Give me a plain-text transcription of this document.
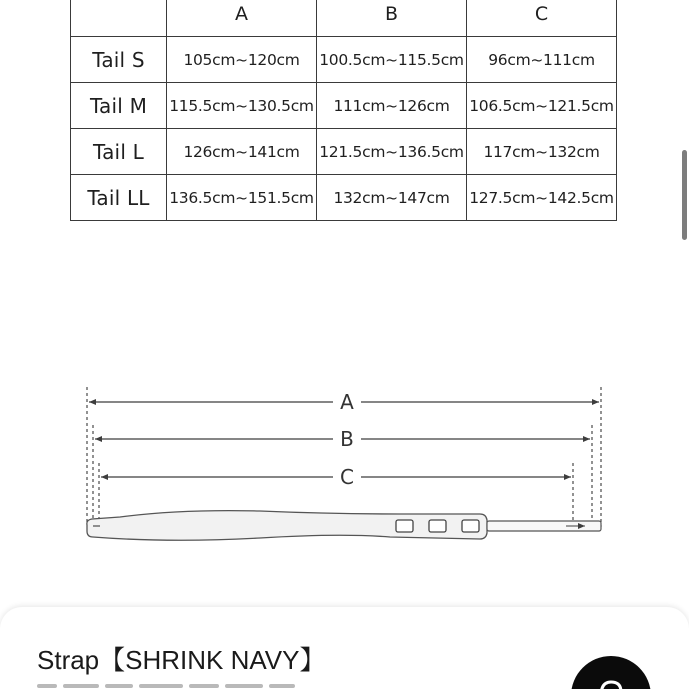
	A	B	C
Tail S	105cm~120cm	100.5cm~115.5cm	96cm~111cm
Tail M	115.5cm~130.5cm	111cm~126cm	106.5cm~121.5cm
Tail L	126cm~141cm	121.5cm~136.5cm	117cm~132cm
Tail LL	136.5cm~151.5cm	132cm~147cm	127.5cm~142.5cm
A
B
C
Strap【SHRINK NAVY】
